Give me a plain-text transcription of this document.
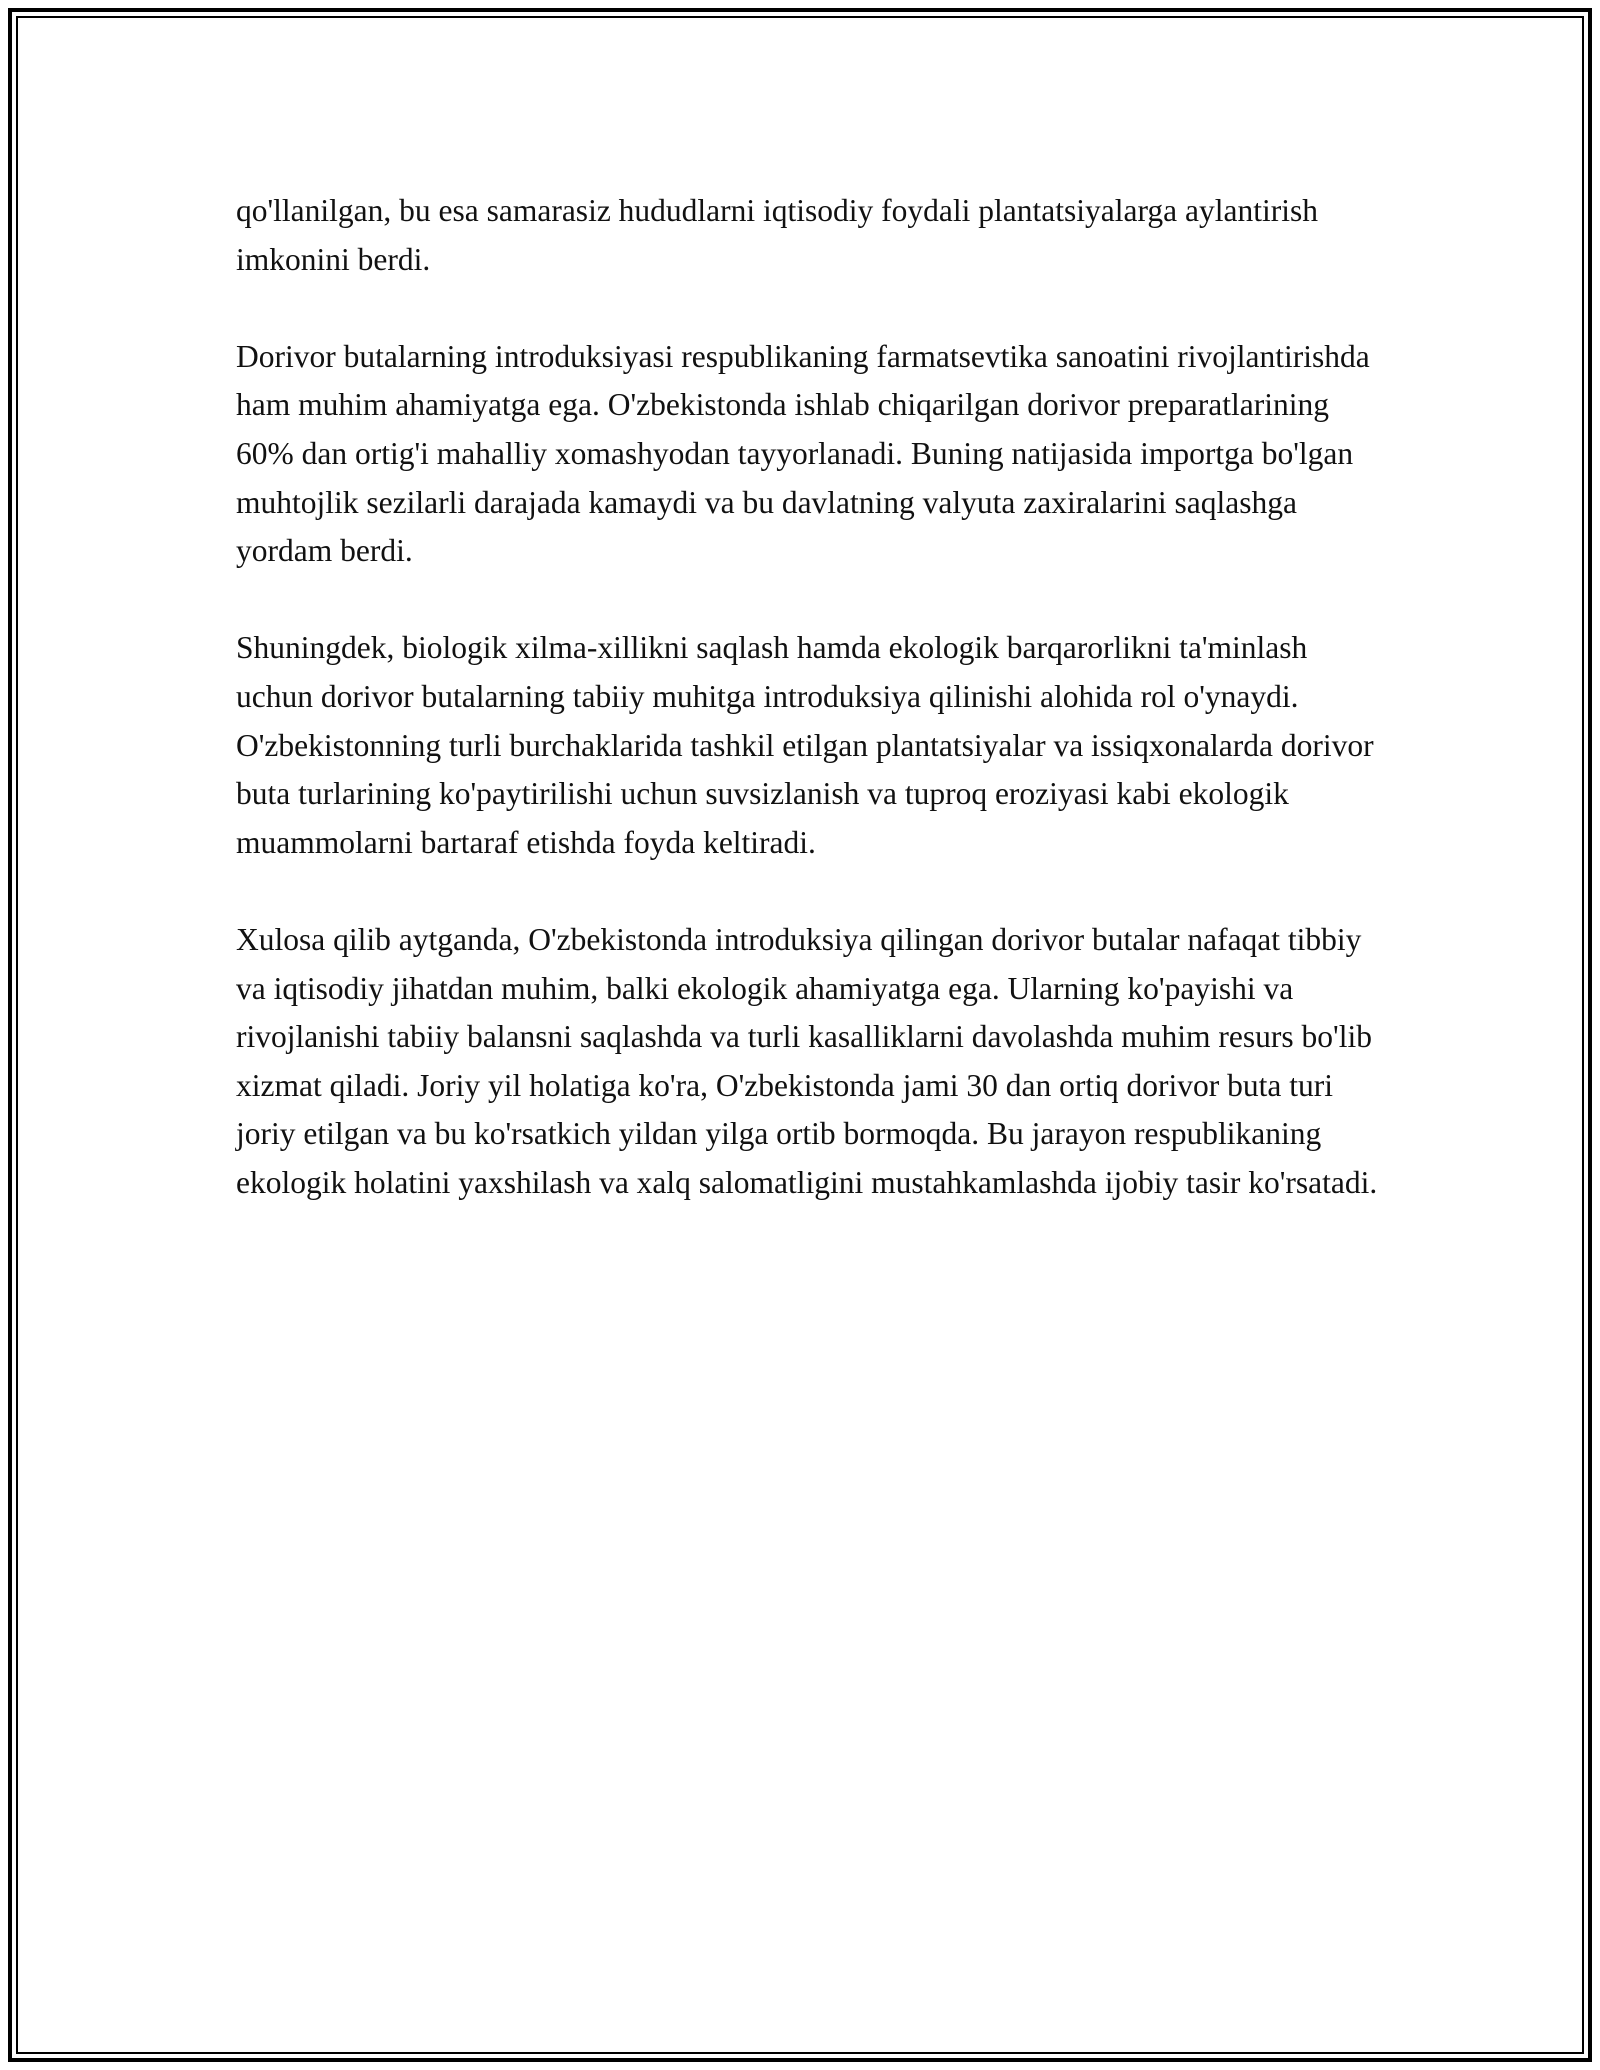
qo'llanilgan, bu esa samarasiz hududlarni iqtisodiy foydali plantatsiyalarga aylantirish imkonini berdi.

Dorivor butalarning introduksiyasi respublikaning farmatsevtika sanoatini rivojlantirishda ham muhim ahamiyatga ega. O'zbekistonda ishlab chiqarilgan dorivor preparatlarining 60% dan ortig'i mahalliy xomashyodan tayyorlanadi. Buning natijasida importga bo'lgan muhtojlik sezilarli darajada kamaydi va bu davlatning valyuta zaxiralarini saqlashga yordam berdi.

Shuningdek, biologik xilma-xillikni saqlash hamda ekologik barqarorlikni ta'minlash uchun dorivor butalarning tabiiy muhitga introduksiya qilinishi alohida rol o'ynaydi. O'zbekistonning turli burchaklarida tashkil etilgan plantatsiyalar va issiqxonalarda dorivor buta turlarining ko'paytirilishi uchun suvsizlanish va tuproq eroziyasi kabi ekologik muammolarni bartaraf etishda foyda keltiradi.

Xulosa qilib aytganda, O'zbekistonda introduksiya qilingan dorivor butalar nafaqat tibbiy va iqtisodiy jihatdan muhim, balki ekologik ahamiyatga ega. Ularning ko'payishi va rivojlanishi tabiiy balansni saqlashda va turli kasalliklarni davolashda muhim resurs bo'lib xizmat qiladi. Joriy yil holatiga ko'ra, O'zbekistonda jami 30 dan ortiq dorivor buta turi joriy etilgan va bu ko'rsatkich yildan yilga ortib bormoqda. Bu jarayon respublikaning ekologik holatini yaxshilash va xalq salomatligini mustahkamlashda ijobiy tasir ko'rsatadi.
